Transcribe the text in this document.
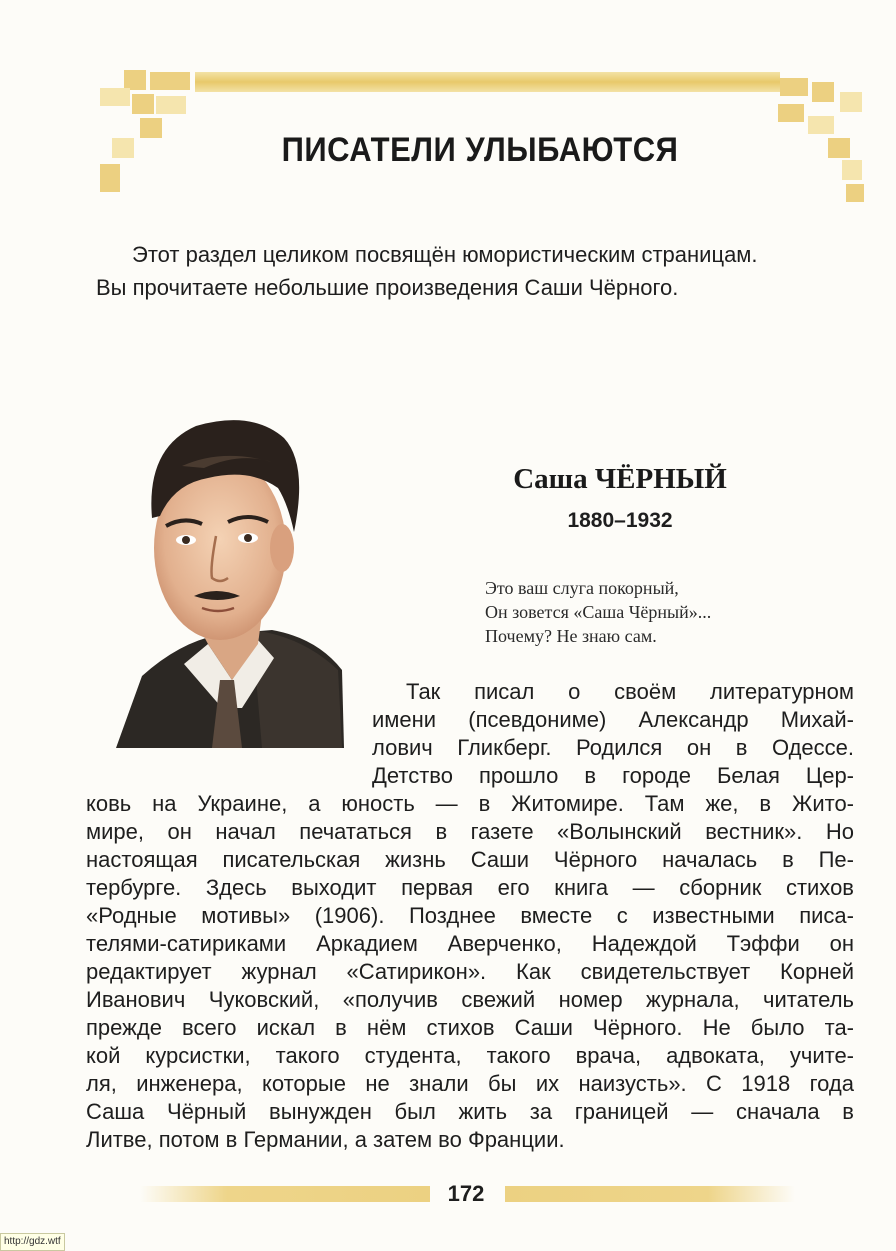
ПИСАТЕЛИ УЛЫБАЮТСЯ

Этот раздел целиком посвящён юмористическим страницам.

Вы прочитаете небольшие произведения Саши Чёрного.
Саша ЧЁРНЫЙ
1880–1932
Это ваш слуга покорный,
Он зовется «Саша Чёрный»...
Почему? Не знаю сам.
Так писал о своём литературном
имени (псевдониме) Александр Михай-
лович Гликберг. Родился он в Одессе.
Детство прошло в городе Белая Цер-
ковь на Украине, а юность — в Житомире. Там же, в Жито-
мире, он начал печататься в газете «Волынский вестник». Но
настоящая писательская жизнь Саши Чёрного началась в Пе-
тербурге. Здесь выходит первая его книга — сборник стихов
«Родные мотивы» (1906). Позднее вместе с известными писа-
телями-сатириками Аркадием Аверченко, Надеждой Тэффи он
редактирует журнал «Сатирикон». Как свидетельствует Корней
Иванович Чуковский, «получив свежий номер журнала, читатель
прежде всего искал в нём стихов Саши Чёрного. Не было та-
кой курсистки, такого студента, такого врача, адвоката, учите-
ля, инженера, которые не знали бы их наизусть». С 1918 года
Саша Чёрный вынужден был жить за границей — сначала в
Литве, потом в Германии, а затем во Франции.
172
http://gdz.wtf
